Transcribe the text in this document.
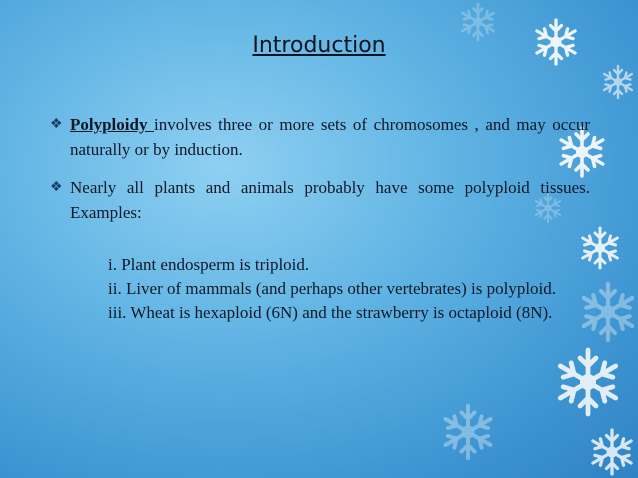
Introduction
❖ Polyploidy involves three or more sets of chromosomes , and may occur naturally or by induction.
❖ Nearly all plants and animals probably have some polyploid tissues. Examples:
i. Plant endosperm is triploid.
ii. Liver of mammals (and perhaps other vertebrates) is polyploid.
iii. Wheat is hexaploid (6N) and the strawberry is octaploid (8N).
